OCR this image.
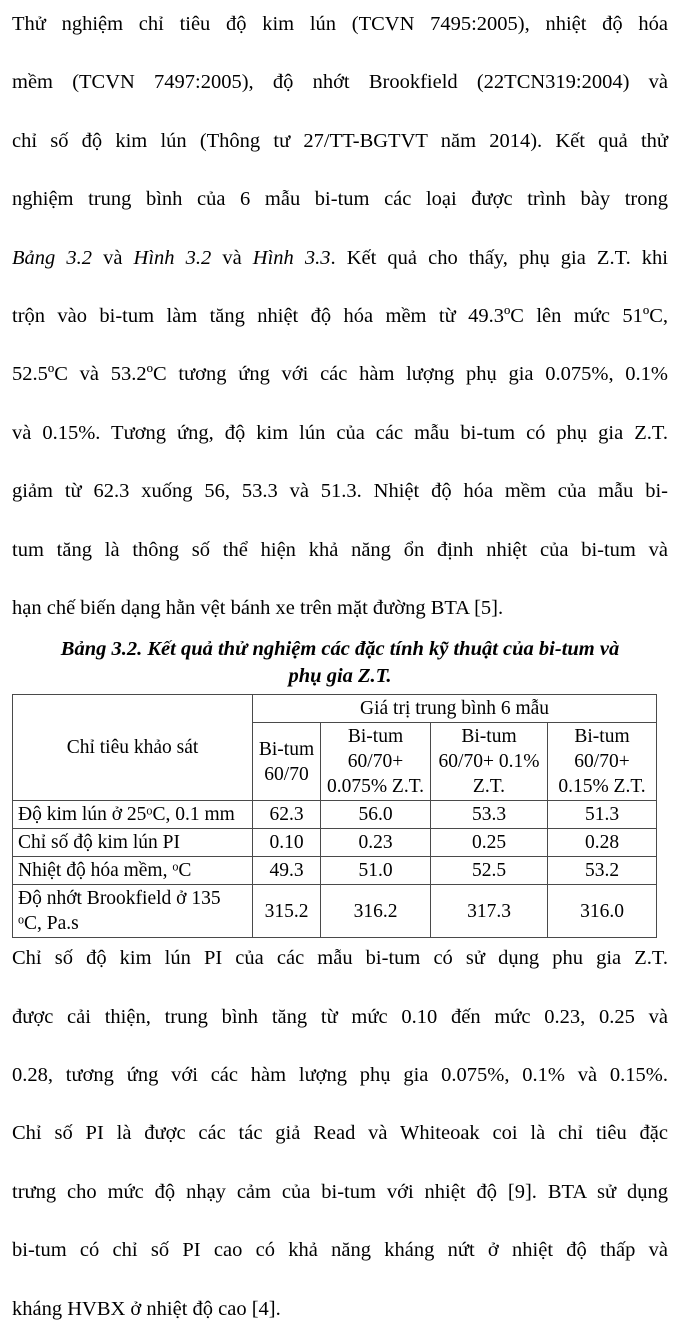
Thử nghiệm chỉ tiêu độ kim lún (TCVN 7495:2005), nhiệt độ hóa
mềm (TCVN 7497:2005), độ nhớt Brookfield (22TCN319:2004) và
chỉ số độ kim lún (Thông tư 27/TT-BGTVT năm 2014). Kết quả thử
nghiệm trung bình của 6 mẫu bi-tum các loại được trình bày trong
Bảng 3.2 và Hình 3.2 và Hình 3.3. Kết quả cho thấy, phụ gia Z.T. khi
trộn vào bi-tum làm tăng nhiệt độ hóa mềm từ 49.3ºC lên mức 51ºC,
52.5ºC và 53.2ºC tương ứng với các hàm lượng phụ gia 0.075%, 0.1%
và 0.15%. Tương ứng, độ kim lún của các mẫu bi-tum có phụ gia Z.T.
giảm từ 62.3 xuống 56, 53.3 và 51.3. Nhiệt độ hóa mềm của mẫu bi-
tum tăng là thông số thể hiện khả năng ổn định nhiệt của bi-tum và
hạn chế biến dạng hằn vệt bánh xe trên mặt đường BTA [5].

Bảng 3.2. Kết quả thử nghiệm các đặc tính kỹ thuật của bi-tum và
phụ gia Z.T.
Chỉ tiêu khảo sát	Giá trị trung bình 6 mẫu			
	Bi-tum 60/70	Bi-tum 60/70+ 0.075% Z.T.	Bi-tum 60/70+ 0.1% Z.T.	Bi-tum 60/70+ 0.15% Z.T.
Độ kim lún ở 25$^o$C, 0.1 mm	62.3	56.0	53.3	51.3
Chỉ số độ kim lún PI	0.10	0.23	0.25	0.28
Nhiệt độ hóa mềm, $^o$C	49.3	51.0	52.5	53.2
Độ nhớt Brookfield ở 135 $^o$C, Pa.s	315.2	316.2	317.3	316.0

Chỉ số độ kim lún PI của các mẫu bi-tum có sử dụng phu gia Z.T.
được cải thiện, trung bình tăng từ mức 0.10 đến mức 0.23, 0.25 và
0.28, tương ứng với các hàm lượng phụ gia 0.075%, 0.1% và 0.15%.
Chỉ số PI là được các tác giả Read và Whiteoak coi là chỉ tiêu đặc
trưng cho mức độ nhạy cảm của bi-tum với nhiệt độ [9]. BTA sử dụng
bi-tum có chỉ số PI cao có khả năng kháng nứt ở nhiệt độ thấp và
kháng HVBX ở nhiệt độ cao [4].
